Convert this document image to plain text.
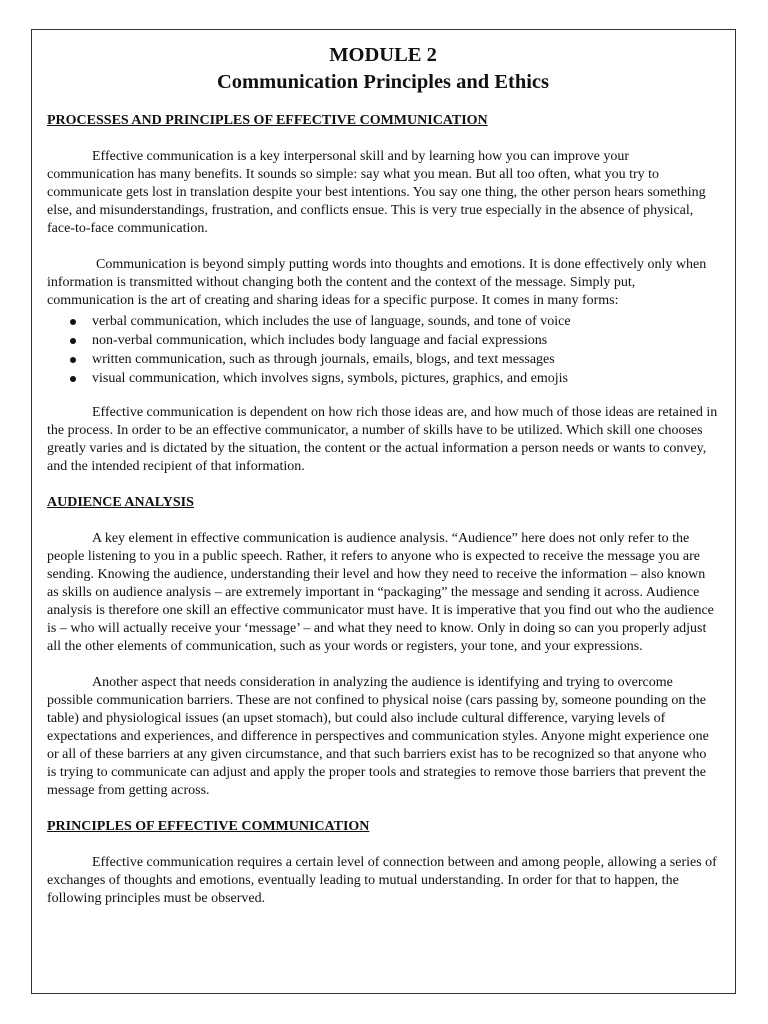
MODULE 2
Communication Principles and Ethics
PROCESSES AND PRINCIPLES OF EFFECTIVE COMMUNICATION

Effective communication is a key interpersonal skill and by learning how you can improve your communication has many benefits. It sounds so simple: say what you mean. But all too often, what you try to communicate gets lost in translation despite your best intentions. You say one thing, the other person hears something else, and misunderstandings, frustration, and conflicts ensue. This is very true especially in the absence of physical, face-to-face communication.

Communication is beyond simply putting words into thoughts and emotions. It is done effectively only when information is transmitted without changing both the content and the context of the message. Simply put, communication is the art of creating and sharing ideas for a specific purpose. It comes in many forms:

verbal communication, which includes the use of language, sounds, and tone of voice
non-verbal communication, which includes body language and facial expressions
written communication, such as through journals, emails, blogs, and text messages
visual communication, which involves signs, symbols, pictures, graphics, and emojis

Effective communication is dependent on how rich those ideas are, and how much of those ideas are retained in the process. In order to be an effective communicator, a number of skills have to be utilized. Which skill one chooses greatly varies and is dictated by the situation, the content or the actual information a person needs or wants to convey, and the intended recipient of that information.

AUDIENCE ANALYSIS

A key element in effective communication is audience analysis. “Audience” here does not only refer to the people listening to you in a public speech. Rather, it refers to anyone who is expected to receive the message you are sending. Knowing the audience, understanding their level and how they need to receive the information – also known as skills on audience analysis – are extremely important in “packaging” the message and sending it across. Audience analysis is therefore one skill an effective communicator must have. It is imperative that you find out who the audience is – who will actually receive your ‘message’ – and what they need to know. Only in doing so can you properly adjust all the other elements of communication, such as your words or registers, your tone, and your expressions.

Another aspect that needs consideration in analyzing the audience is identifying and trying to overcome possible communication barriers. These are not confined to physical noise (cars passing by, someone pounding on the table) and physiological issues (an upset stomach), but could also include cultural difference, varying levels of expectations and experiences, and difference in perspectives and communication styles. Anyone might experience one or all of these barriers at any given circumstance, and that such barriers exist has to be recognized so that anyone who is trying to communicate can adjust and apply the proper tools and strategies to remove those barriers that prevent the message from getting across.

PRINCIPLES OF EFFECTIVE COMMUNICATION

Effective communication requires a certain level of connection between and among people, allowing a series of exchanges of thoughts and emotions, eventually leading to mutual understanding. In order for that to happen, the following principles must be observed.
